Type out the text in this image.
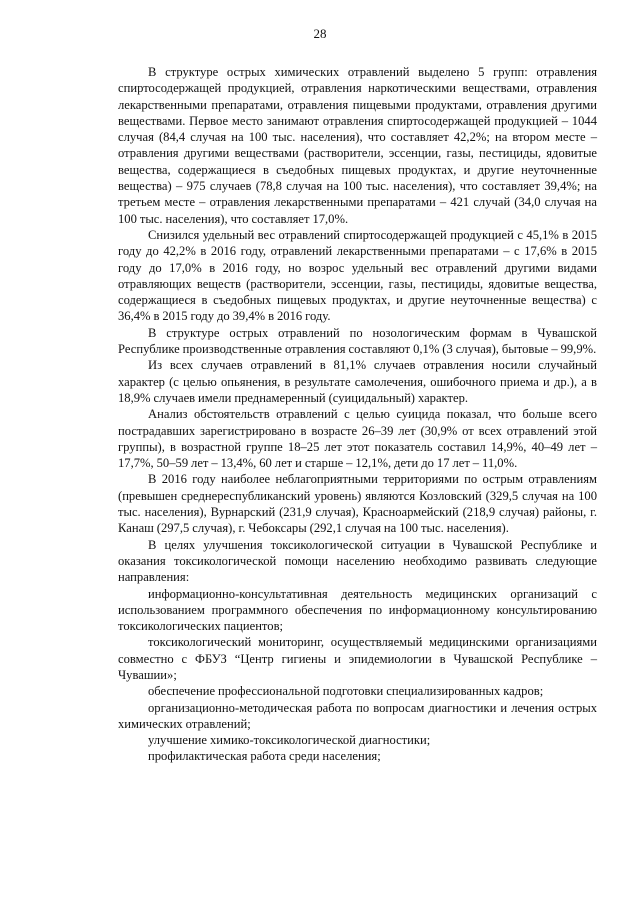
28

В структуре острых химических отравлений выделено 5 групп: отравления спиртосодержащей продукцией, отравления наркотическими веществами, отравления лекарственными препаратами, отравления пищевыми продуктами, отравления другими веществами. Первое место занимают отравления спиртосодержащей продукцией – 1044 случая (84,4 случая на 100 тыс. населения), что составляет 42,2%; на втором месте – отравления другими веществами (растворители, эссенции, газы, пестициды, ядовитые вещества, содержащиеся в съедобных пищевых продуктах, и другие неуточненные вещества) – 975 случаев (78,8 случая на 100 тыс. населения), что составляет 39,4%; на третьем месте – отравления лекарственными препаратами – 421 случай (34,0 случая на 100 тыс. населения), что составляет 17,0%.

Снизился удельный вес отравлений спиртосодержащей продукцией с 45,1% в 2015 году до 42,2% в 2016 году, отравлений лекарственными препаратами – с 17,6% в 2015 году до 17,0% в 2016 году, но возрос удельный вес отравлений другими видами отравляющих веществ (растворители, эссенции, газы, пестициды, ядовитые вещества, содержащиеся в съедобных пищевых продуктах, и другие неуточненные вещества) с 36,4% в 2015 году до 39,4% в 2016 году.

В структуре острых отравлений по нозологическим формам в Чувашской Республике производственные отравления составляют 0,1% (3 случая), бытовые – 99,9%.

Из всех случаев отравлений в 81,1% случаев отравления носили случайный характер (с целью опьянения, в результате самолечения, ошибочного приема и др.), а в 18,9% случаев имели преднамеренный (суицидальный) характер.

Анализ обстоятельств отравлений с целью суицида показал, что больше всего пострадавших зарегистрировано в возрасте 26–39 лет (30,9% от всех отравлений этой группы), в возрастной группе 18–25 лет этот показатель составил 14,9%, 40–49 лет – 17,7%, 50–59 лет – 13,4%, 60 лет и старше – 12,1%, дети до 17 лет – 11,0%.

В 2016 году наиболее неблагоприятными территориями по острым отравлениям (превышен среднереспубликанский уровень) являются Козловский (329,5 случая на 100 тыс. населения), Вурнарский (231,9 случая), Красноармейский (218,9 случая) районы, г. Канаш (297,5 случая), г. Чебоксары (292,1 случая на 100 тыс. населения).

В целях улучшения токсикологической ситуации в Чувашской Республике и оказания токсикологической помощи населению необходимо развивать следующие направления:

информационно-консультативная деятельность медицинских организаций с использованием программного обеспечения по информационному консультированию токсикологических пациентов;

токсикологический мониторинг, осуществляемый медицинскими организациями совместно с ФБУЗ “Центр гигиены и эпидемиологии в Чувашской Республике – Чувашии»;

обеспечение профессиональной подготовки специализированных кадров;

организационно-методическая работа по вопросам диагностики и лечения острых химических отравлений;

улучшение химико-токсикологической диагностики;

профилактическая работа среди населения;
